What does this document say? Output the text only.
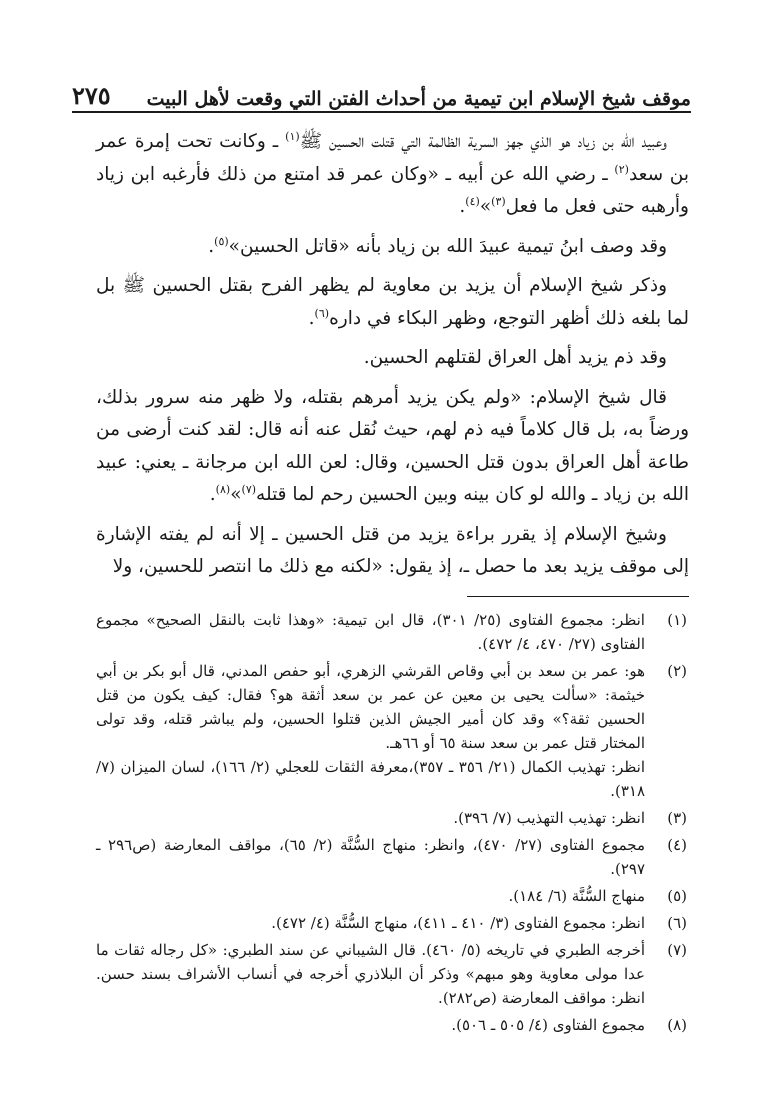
موقف شيخ الإسلام ابن تيمية من أحداث الفتن التي وقعت لأهل البيت
٢٧٥

وعبيد الله بن زياد هو الذي جهز السرية الظالمة التي قتلت الحسين ﷺ$^{(١)}$ ـ وكانت تحت إمرة عمر بن سعد$^{(٢)}$ ـ رضي الله عن أبيه ـ «وكان عمر قد امتنع من ذلك فأرغبه ابن زياد وأرهبه حتى فعل ما فعل$^{(٣)}$»$^{(٤)}$.

وقد وصف ابنُ تيمية عبيدَ الله بن زياد بأنه «قاتل الحسين»$^{(٥)}$.

وذكر شيخ الإسلام أن يزيد بن معاوية لم يظهر الفرح بقتل الحسين ﷺ بل لما بلغه ذلك أظهر التوجع، وظهر البكاء في داره$^{(٦)}$.

وقد ذم يزيد أهل العراق لقتلهم الحسين.

قال شيخ الإسلام: «ولم يكن يزيد أمرهم بقتله، ولا ظهر منه سرور بذلك، ورضاً به، بل قال كلاماً فيه ذم لهم، حيث نُقل عنه أنه قال: لقد كنت أرضى من طاعة أهل العراق بدون قتل الحسين، وقال: لعن الله ابن مرجانة ـ يعني: عبيد الله بن زياد ـ والله لو كان بينه وبين الحسين رحم لما قتله$^{(٧)}$»$^{(٨)}$.

وشيخ الإسلام إذ يقرر براءة يزيد من قتل الحسين ـ إلا أنه لم يفته الإشارة إلى موقف يزيد بعد ما حصل ـ، إذ يقول: «لكنه مع ذلك ما انتصر للحسين، ولا

(١)

انظر: مجموع الفتاوى (٢٥/ ٣٠١)، قال ابن تيمية: «وهذا ثابت بالنقل الصحيح» مجموع الفتاوى (٢٧/ ٤٧٠، ٤/ ٤٧٢).

(٢)

هو: عمر بن سعد بن أبي وقاص القرشي الزهري، أبو حفص المدني، قال أبو بكر بن أبي خيثمة: «سألت يحيى بن معين عن عمر بن سعد أثقة هو؟ فقال: كيف يكون من قتل الحسين ثقة؟» وقد كان أمير الجيش الذين قتلوا الحسين، ولم يباشر قتله، وقد تولى المختار قتل عمر بن سعد سنة ٦٥ أو ٦٦هـ.

انظر: تهذيب الكمال (٢١/ ٣٥٦ ـ ٣٥٧)،معرفة الثقات للعجلي (٢/ ١٦٦)، لسان الميزان (٧/ ٣١٨).

(٣)

انظر: تهذيب التهذيب (٧/ ٣٩٦).

(٤)

مجموع الفتاوى (٢٧/ ٤٧٠)، وانظر: منهاج السُّنَّة (٢/ ٦٥)، مواقف المعارضة (ص٢٩٦ ـ ٢٩٧).

(٥)

منهاج السُّنَّة (٦/ ١٨٤).

(٦)

انظر: مجموع الفتاوى (٣/ ٤١٠ ـ ٤١١)، منهاج السُّنَّة (٤/ ٤٧٢).

(٧)

أخرجه الطبري في تاريخه (٥/ ٤٦٠). قال الشيباني عن سند الطبري: «كل رجاله ثقات ما عدا مولى معاوية وهو مبهم» وذكر أن البلاذري أخرجه في أنساب الأشراف بسند حسن. انظر: مواقف المعارضة (ص٢٨٢).

(٨)

مجموع الفتاوى (٤/ ٥٠٥ ـ ٥٠٦).
